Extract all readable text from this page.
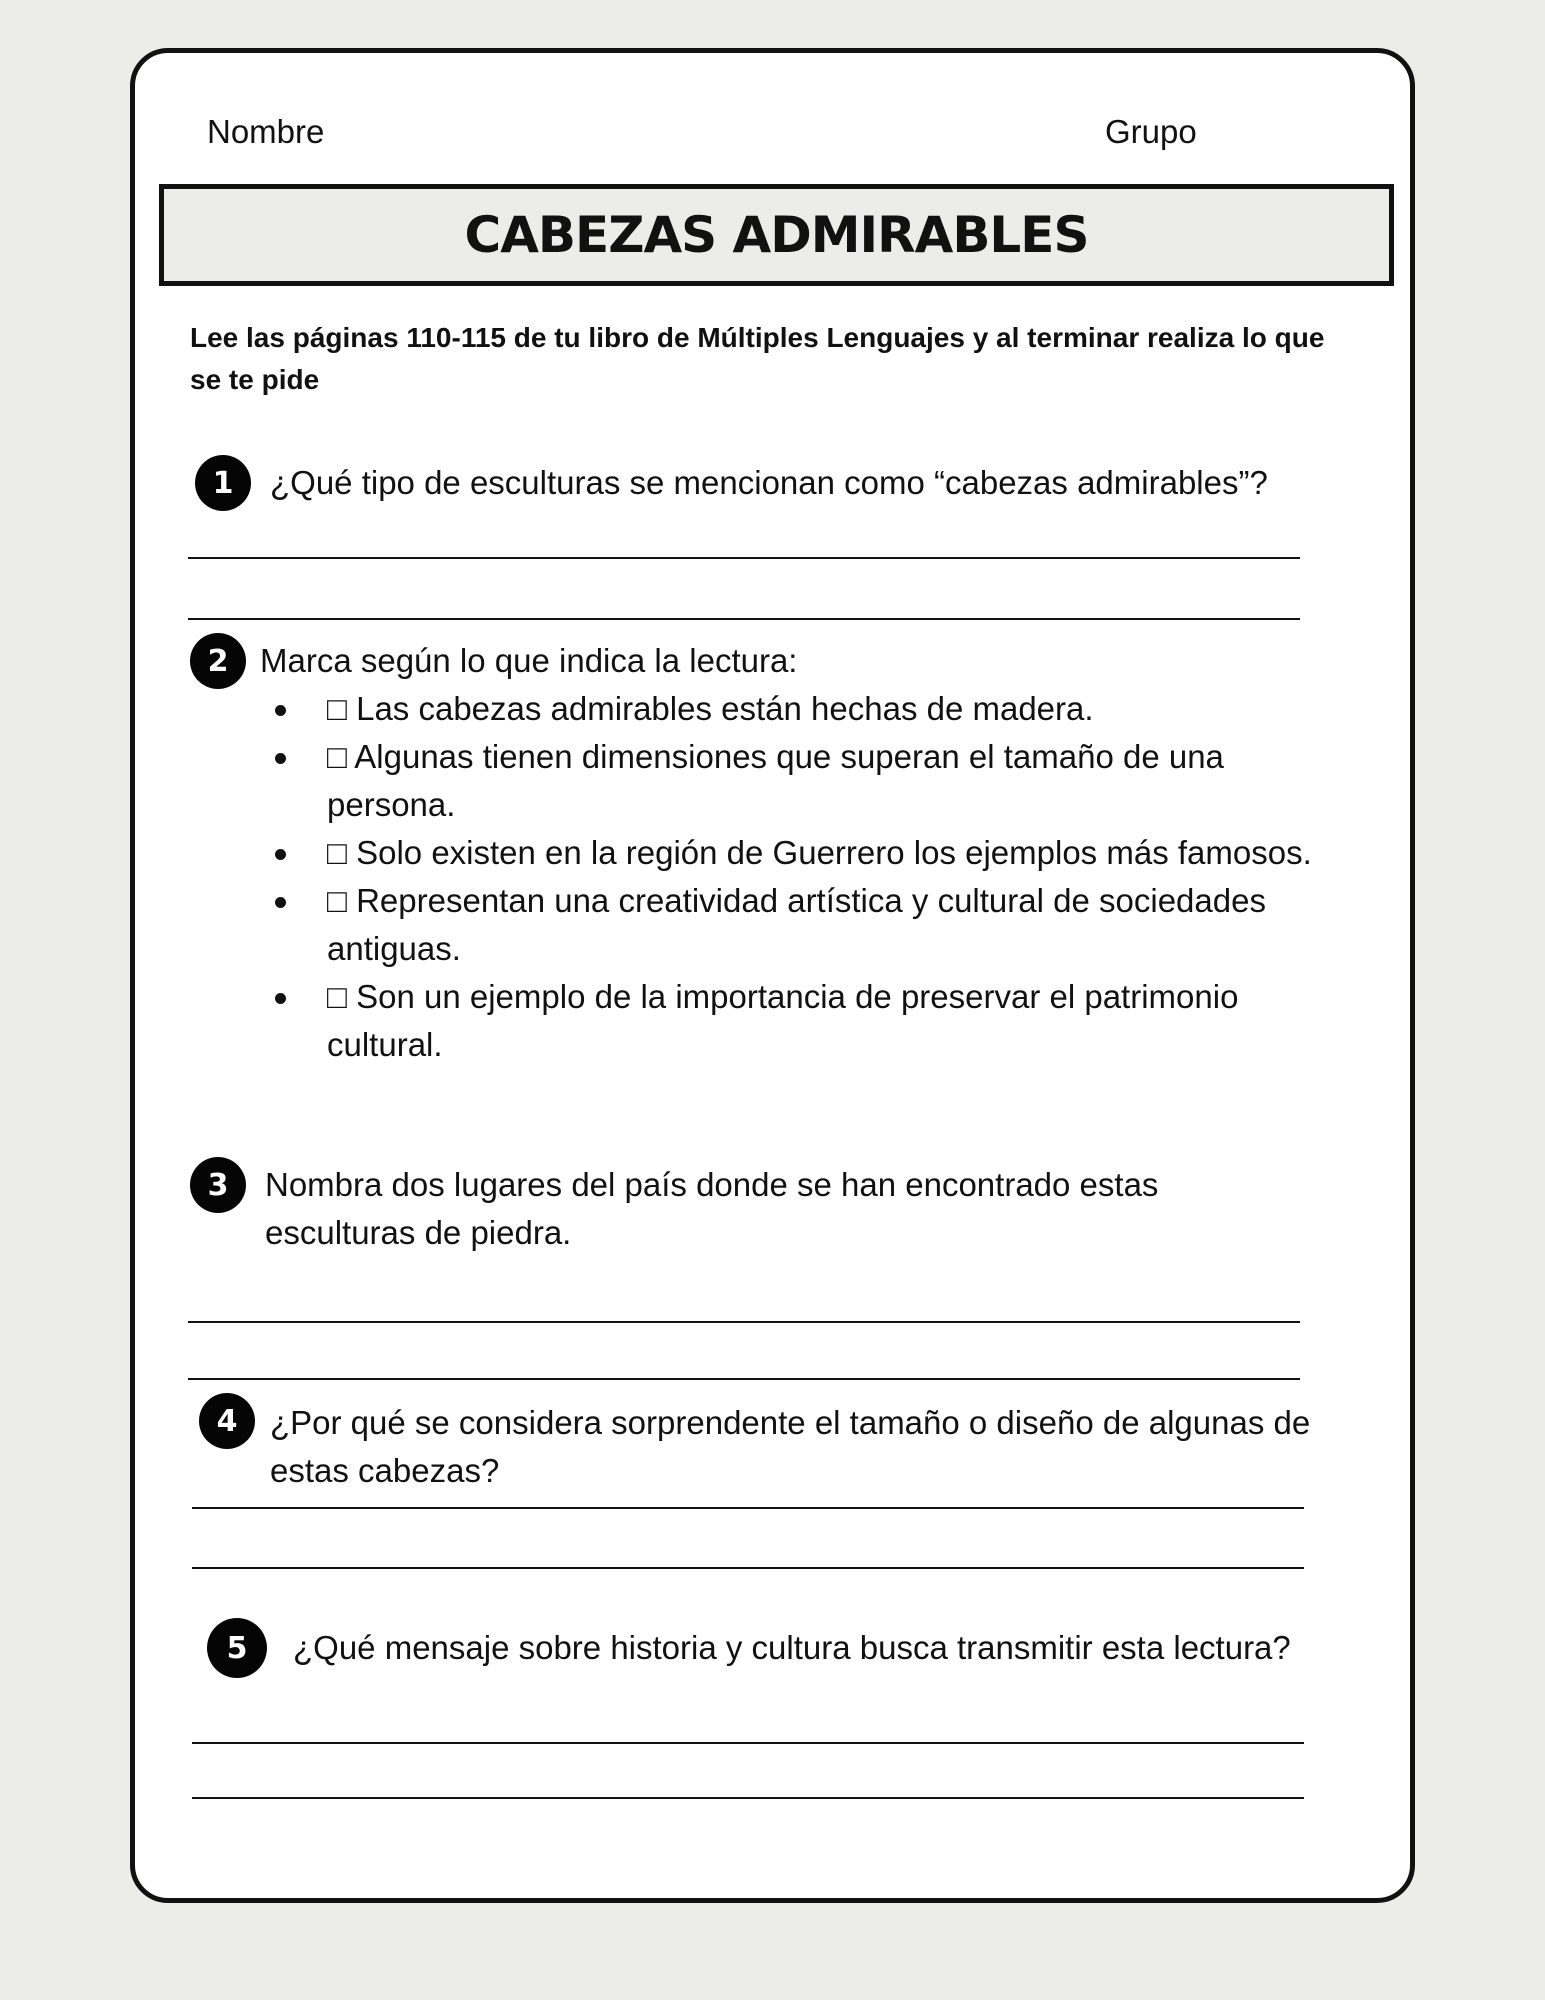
Nombre	Grupo
CABEZAS ADMIRABLES
Lee las páginas 110-115 de tu libro de Múltiples Lenguajes y al terminar realiza lo que se te pide
1	¿Qué tipo de esculturas se mencionan como “cabezas admirables”?
2 Marca según lo que indica la lectura:
□ Las cabezas admirables están hechas de madera.
□ Algunas tienen dimensiones que superan el tamaño de una persona.
□ Solo existen en la región de Guerrero los ejemplos más famosos.
□ Representan una creatividad artística y cultural de sociedades antiguas.
□ Son un ejemplo de la importancia de preservar el patrimonio cultural.
3	Nombra dos lugares del país donde se han encontrado estas esculturas de piedra.
4 ¿Por qué se considera sorprendente el tamaño o diseño de algunas de estas cabezas?
5	¿Qué mensaje sobre historia y cultura busca transmitir esta lectura?
